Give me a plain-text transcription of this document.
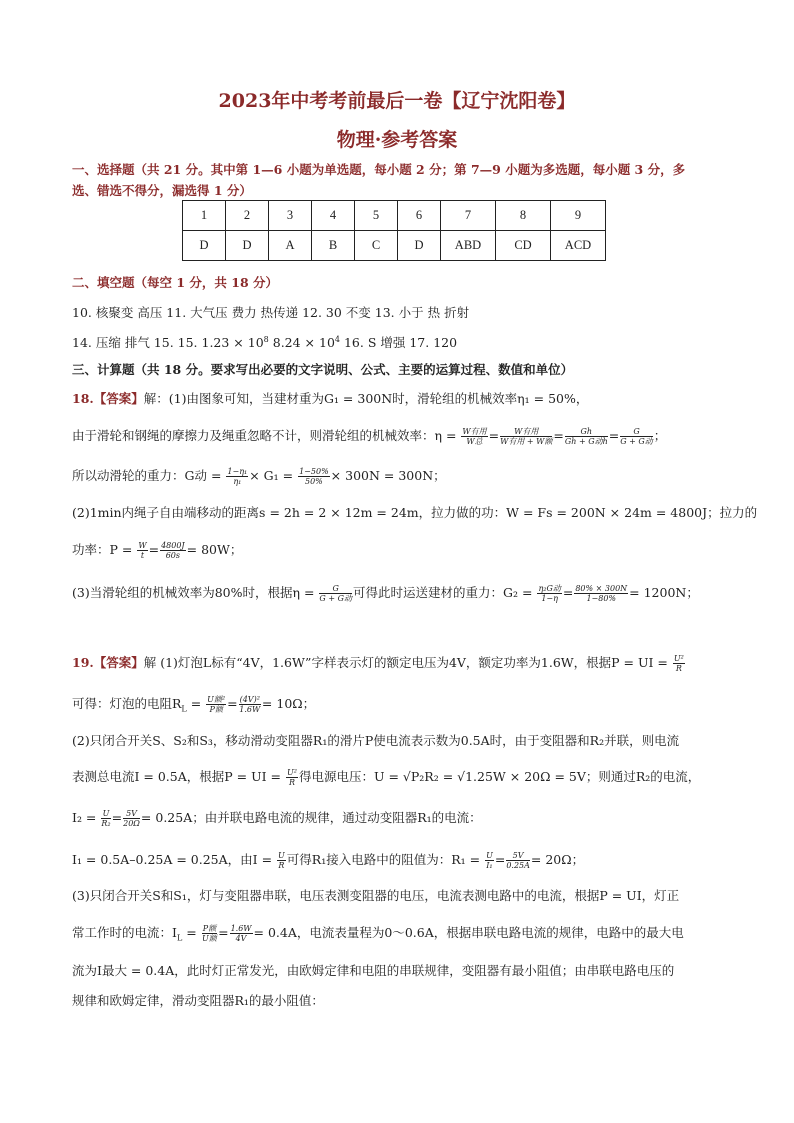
2023年中考考前最后一卷【辽宁沈阳卷】
物理·参考答案
一、选择题（共 21 分。其中第 1—6 小题为单选题，每小题 2 分；第 7—9 小题为多选题，每小题 3 分，多
选、错选不得分，漏选得 1 分）
1	2	3	4	5	6	7	8	9
D	D	A	B	C	D	ABD	CD	ACD
二、填空题（每空 1 分，共 18 分）
10. 核聚变 高压 11. 大气压 费力 热传递 12. 30 不变 13. 小于 热 折射
14. 压缩 排气 15. 15. $1.23 \times 10^8$ $8.24 \times 10^4$ 16. S 增强 17. 120
三、计算题（共 18 分。要求写出必要的文字说明、公式、主要的运算过程、数值和单位）
18.【答案】解：(1)由图象可知，当建材重为G₁ = 300N时，滑轮组的机械效率η₁ = 50%，
由于滑轮和钢绳的摩擦力及绳重忽略不计，则滑轮组的机械效率：$\eta = \frac{\text{W有用}}{\text{W总}} = \frac{\text{W有用}}{\text{W有用 + W额}} = \frac{Gh}{\text{Gh + G动h}} = \frac{G}{\text{G + G动}}$ ；
所以动滑轮的重力：G动 = $\frac{\text{1−η₁}}{\text{η₁}} \times G_1 = \frac{1-50\%}{50\%} \times 300N = 300N$；
(2)1min内绳子自由端移动的距离s = 2h = 2 × 12m = 24m，拉力做的功：W = Fs = 200N × 24m = 4800J；拉力的
功率：$P = \frac{W}{t} = \frac{4800J}{60s} = 80W$；
(3)当滑轮组的机械效率为80%时，根据$\eta = \frac{G}{\text{G + G动}}$ 可得此时运送建材的重力：$G_2 = \frac{\text{η₂G动}}{1-\eta} = \frac{80\% \times 300N}{1-80\%} = 1200N$；
19.【答案】解 (1)灯泡L标有“4V，1.6W”字样表示灯的额定电压为4V，额定功率为1.6W，根据P = UI = $\frac{\text{U²}}{R}$
可得：灯泡的电阻$R_L = \frac{\text{U额²}}{\text{P额}} = \frac{\text{(4V)²}}{1.6W} = 10\Omega$；
(2)只闭合开关S、S₂和S₃，移动滑动变阻器R₁的滑片P使电流表示数为0.5A时，由于变阻器和R₂并联，则电流
表测总电流I = 0.5A，根据P = UI = $\frac{\text{U²}}{R}$ 得电源电压：U = √P₂R₂ = √1.25W × 20Ω = 5V；则通过R₂的电流，
$I_2 = \frac{U}{\text{R₂}} = \frac{5V}{20\Omega} = 0.25A$；由并联电路电流的规律，通过动变阻器R₁的电流：
I₁ = 0.5A–0.25A = 0.25A，由$I = \frac{U}{R}$ 可得R₁接入电路中的阻值为：$R_1 = \frac{U}{\text{I₁}} = \frac{5V}{0.25A} = 20\Omega$；
(3)只闭合开关S和S₁，灯与变阻器串联，电压表测变阻器的电压，电流表测电路中的电流，根据P = UI，灯正
常工作时的电流：$I_L = \frac{\text{P额}}{\text{U额}} = \frac{1.6W}{4V} = 0.4A$，电流表量程为0～0.6A，根据串联电路电流的规律，电路中的最大电
流为I最大 = 0.4A，此时灯正常发光，由欧姆定律和电阻的串联规律，变阻器有最小阻值；由串联电路电压的
规律和欧姆定律，滑动变阻器R₁的最小阻值：
